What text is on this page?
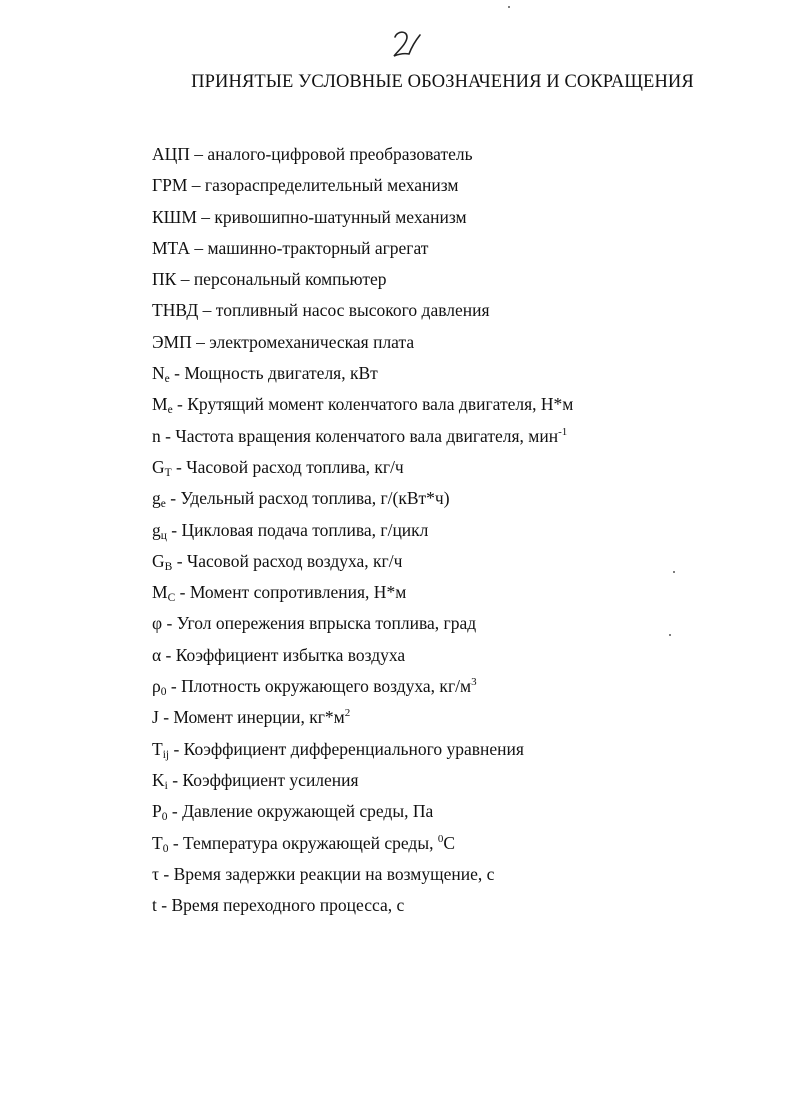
ПРИНЯТЫЕ УСЛОВНЫЕ ОБОЗНАЧЕНИЯ И СОКРАЩЕНИЯ
АЦП – аналого-цифровой преобразователь
ГРМ – газораспределительный механизм
КШМ – кривошипно-шатунный механизм
МТА – машинно-тракторный агрегат
ПК – персональный компьютер
ТНВД – топливный насос высокого давления
ЭМП – электромеханическая плата
$N_e$ - Мощность двигателя, кВт
$M_e$ - Крутящий момент коленчатого вала двигателя, Н*м
n - Частота вращения коленчатого вала двигателя, мин$^{-1}$
$G_T$ - Часовой расход топлива, кг/ч
$g_e$ - Удельный расход топлива, г/(кВт*ч)
$g_ц$ - Цикловая подача топлива, г/цикл
$G_B$ - Часовой расход воздуха, кг/ч
$M_C$ - Момент сопротивления, Н*м
φ - Угол опережения впрыска топлива, град
α - Коэффициент избытка воздуха
$\rho_0$ - Плотность окружающего воздуха, $кг/м^3$
J - Момент инерции, $кг*м^2$
$T_{ij}$ - Коэффициент дифференциального уравнения
$K_i$ - Коэффициент усиления
$P_0$ - Давление окружающей среды, Па
$T_0$ - Температура окружающей среды, $^0$C
τ - Время задержки реакции на возмущение, с
t - Время переходного процесса, с
